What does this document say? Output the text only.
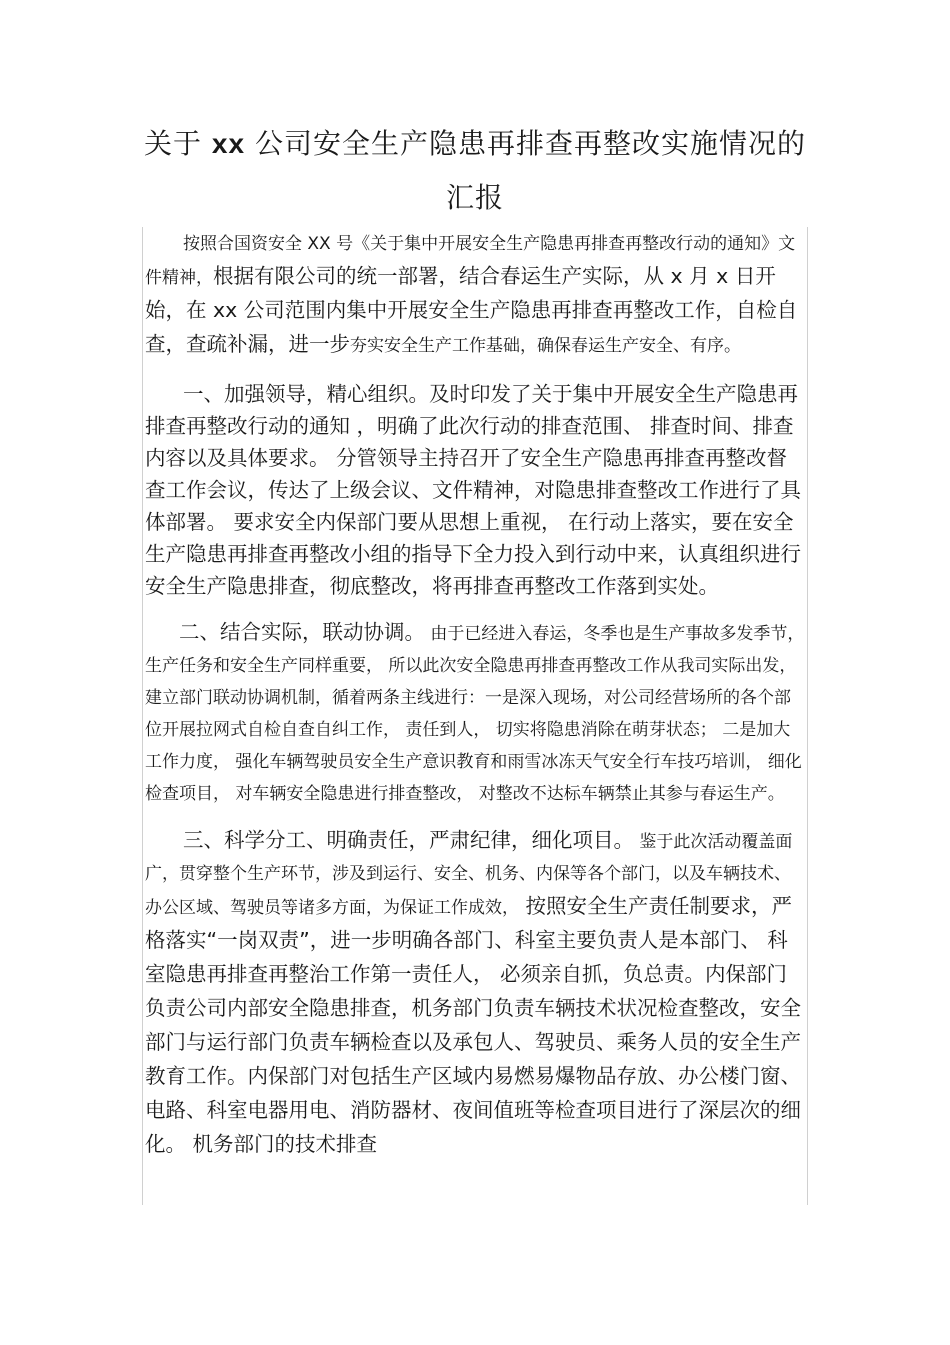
关于 xx 公司安全生产隐患再排查再整改实施情况的
汇报

按照合国资安全 XX 号《关于集中开展安全生产隐患再排查再整改行动的通知》文件精神，根据有限公司的统一部署，结合春运生产实际，从 x 月 x 日开始，在 xx 公司范围内集中开展安全生产隐患再排查再整改工作，自检自查，查疏补漏，进一步夯实安全生产工作基础，确保春运生产安全、有序。

一、加强领导，精心组织。及时印发了关于集中开展安全生产隐患再排查再整改行动的通知 ，明确了此次行动的排查范围、 排查时间、排查内容以及具体要求。 分管领导主持召开了安全生产隐患再排查再整改督查工作会议，传达了上级会议、文件精神，对隐患排查整改工作进行了具体部署。 要求安全内保部门要从思想上重视， 在行动上落实，要在安全生产隐患再排查再整改小组的指导下全力投入到行动中来，认真组织进行安全生产隐患排查，彻底整改，将再排查再整改工作落到实处。

二、结合实际，联动协调。 由于已经进入春运，冬季也是生产事故多发季节，生产任务和安全生产同样重要， 所以此次安全隐患再排查再整改工作从我司实际出发，建立部门联动协调机制，循着两条主线进行：一是深入现场，对公司经营场所的各个部位开展拉网式自检自查自纠工作， 责任到人， 切实将隐患消除在萌芽状态； 二是加大工作力度， 强化车辆驾驶员安全生产意识教育和雨雪冰冻天气安全行车技巧培训， 细化检查项目， 对车辆安全隐患进行排查整改， 对整改不达标车辆禁止其参与春运生产。

三、科学分工、明确责任，严肃纪律，细化项目。 鉴于此次活动覆盖面广，贯穿整个生产环节，涉及到运行、安全、机务、内保等各个部门，以及车辆技术、办公区域、驾驶员等诸多方面，为保证工作成效， 按照安全生产责任制要求，严格落实“一岗双责”，进一步明确各部门、科室主要负责人是本部门、 科室隐患再排查再整治工作第一责任人， 必须亲自抓，负总责。内保部门负责公司内部安全隐患排查，机务部门负责车辆技术状况检查整改，安全部门与运行部门负责车辆检查以及承包人、驾驶员、乘务人员的安全生产教育工作。内保部门对包括生产区域内易燃易爆物品存放、办公楼门窗、电路、科室电器用电、消防器材、夜间值班等检查项目进行了深层次的细化。 机务部门的技术排查
